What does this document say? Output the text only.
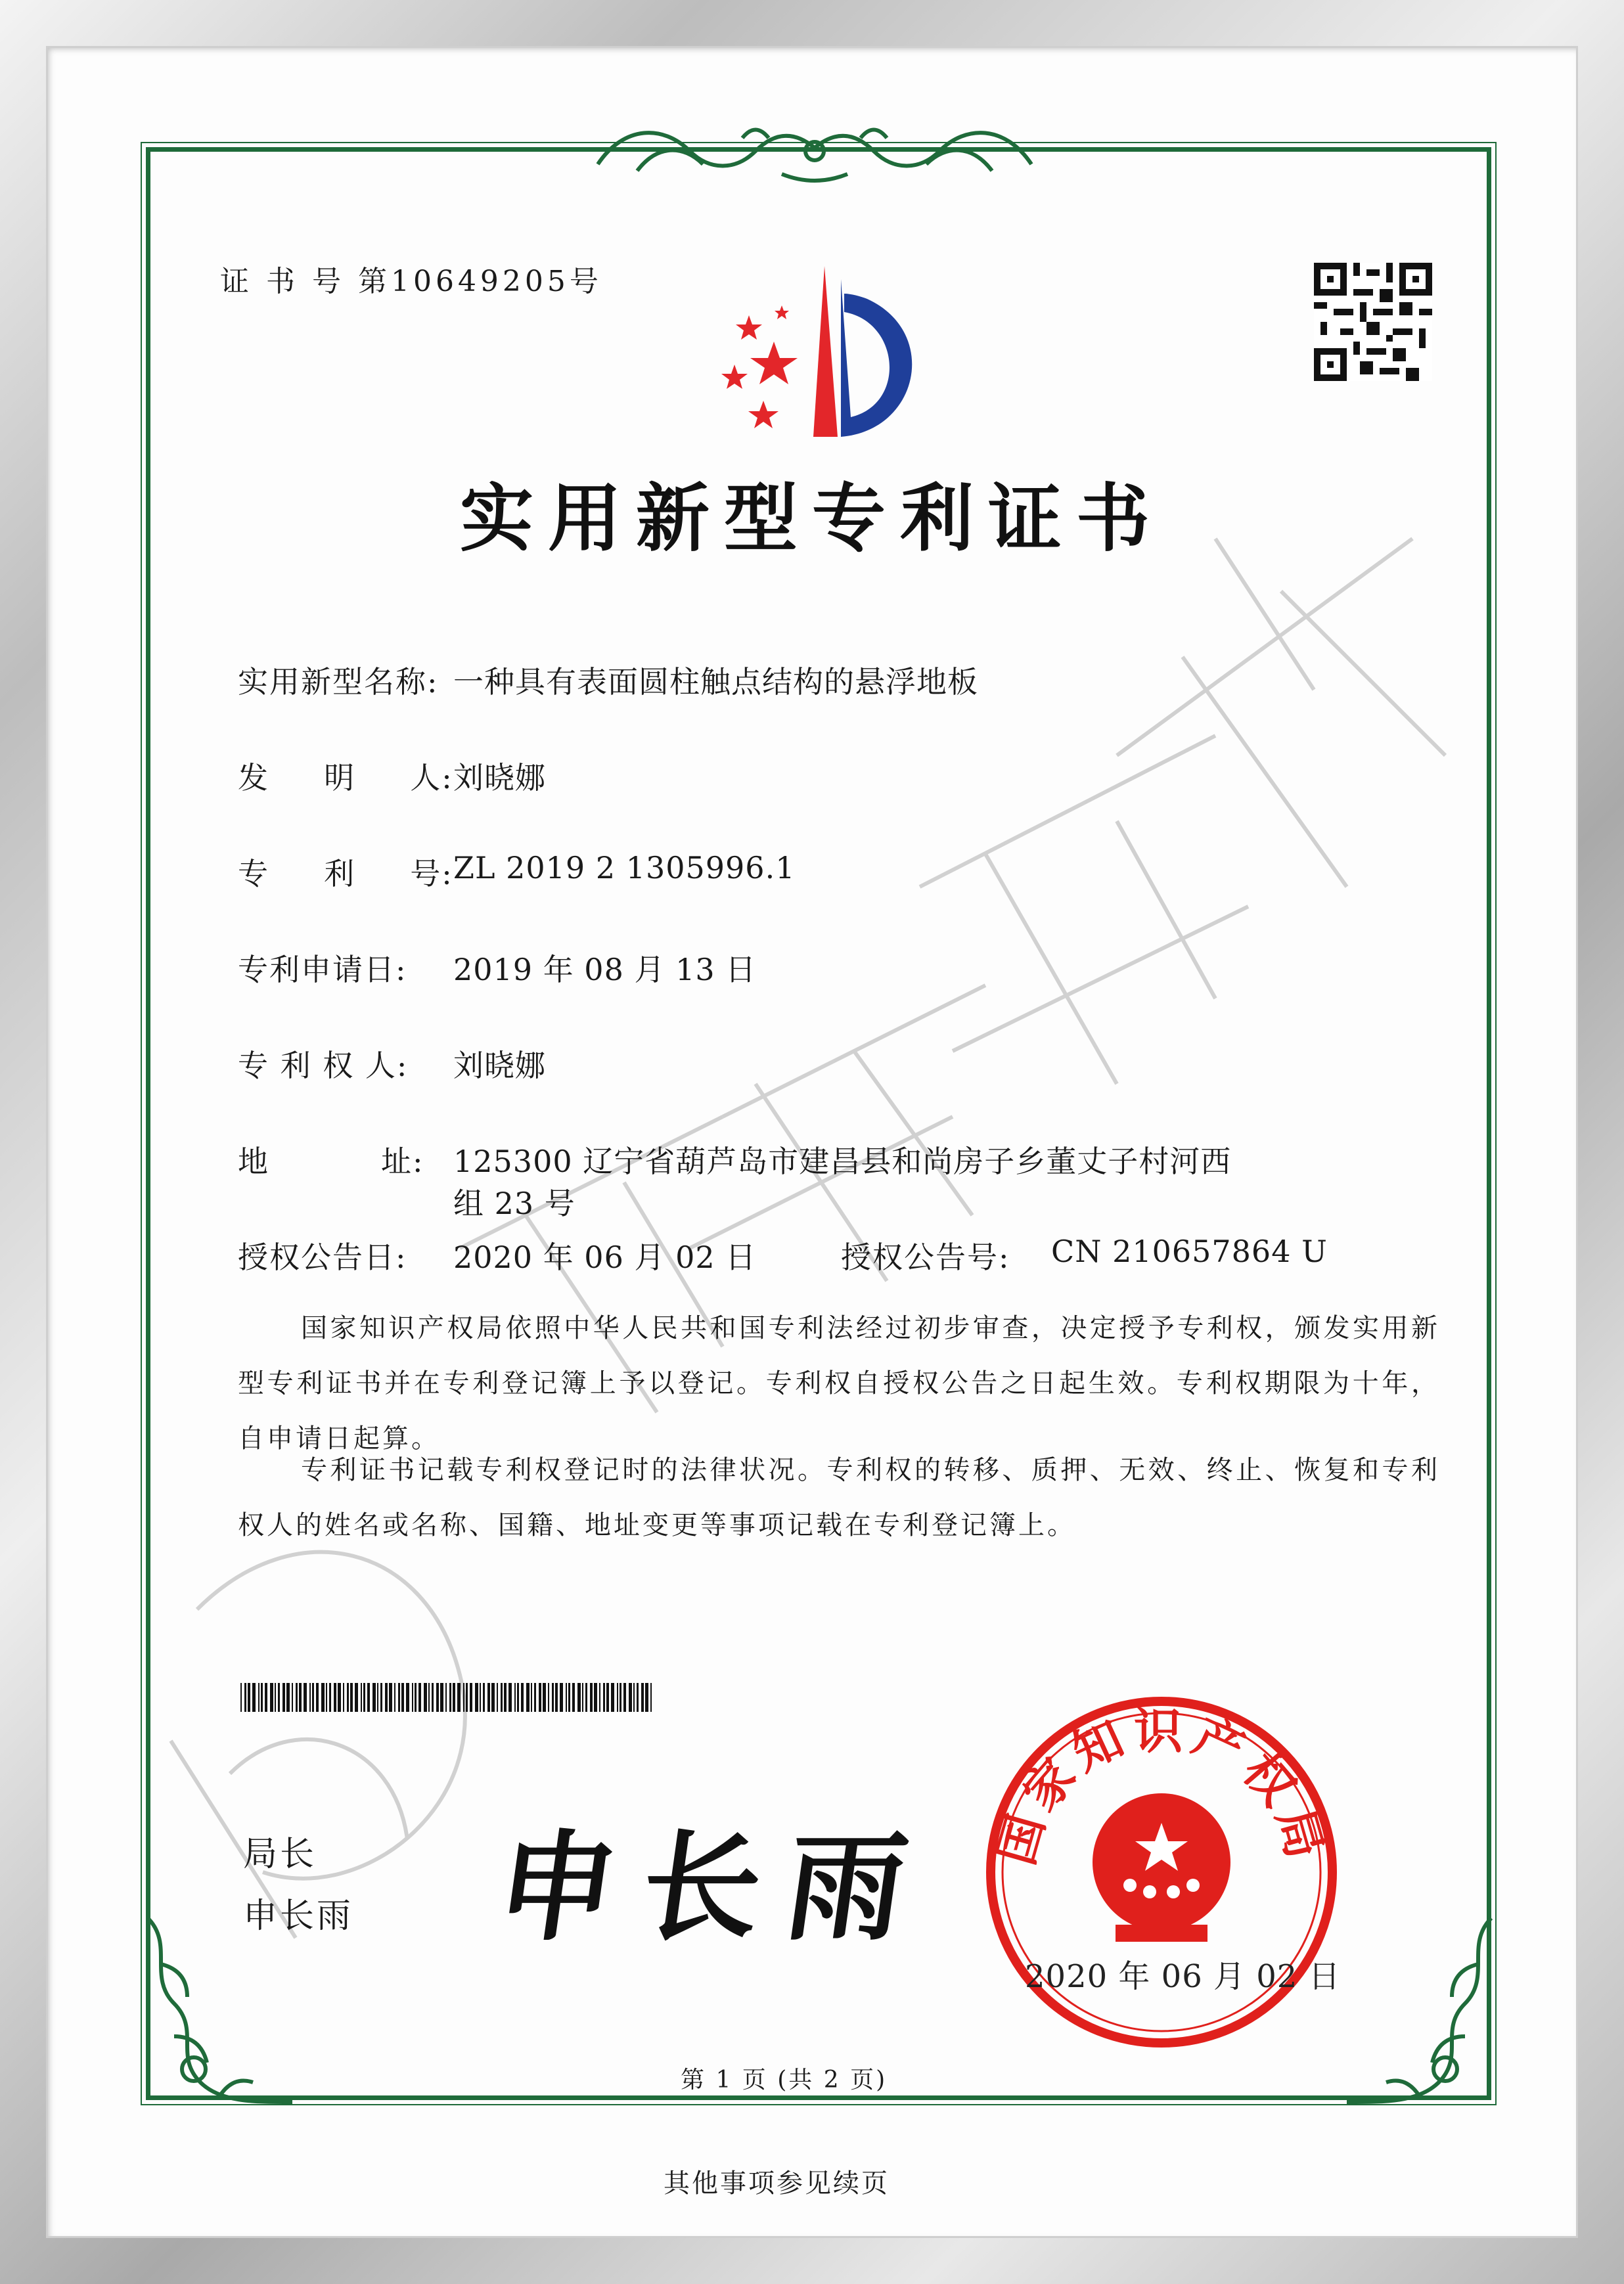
证 书 号 第10649205号
实用新型专利证书
实用新型名称: 一种具有表面圆柱触点结构的悬浮地板
发     明     人: 刘晓娜
专     利     号: ZL 2019 2 1305996.1
专利申请日: 2019 年 08 月 13 日
专 利 权 人: 刘晓娜
地	址: 125300 辽宁省葫芦岛市建昌县和尚房子乡董丈子村河西
组 23 号
授权公告日: 2020 年 06 月 02 日	授权公告号: CN 210657864 U
国家知识产权局依照中华人民共和国专利法经过初步审查，决定授予专利权，颁发实用新型专利证书并在专利登记簿上予以登记。专利权自授权公告之日起生效。专利权期限为十年，自申请日起算。
专利证书记载专利权登记时的法律状况。专利权的转移、质押、无效、终止、恢复和专利权人的姓名或名称、国籍、地址变更等事项记载在专利登记簿上。
局长
申长雨 申长雨 国家知识产权局
2020 年 06 月 02 日
第 1 页 (共 2 页)
其他事项参见续页
